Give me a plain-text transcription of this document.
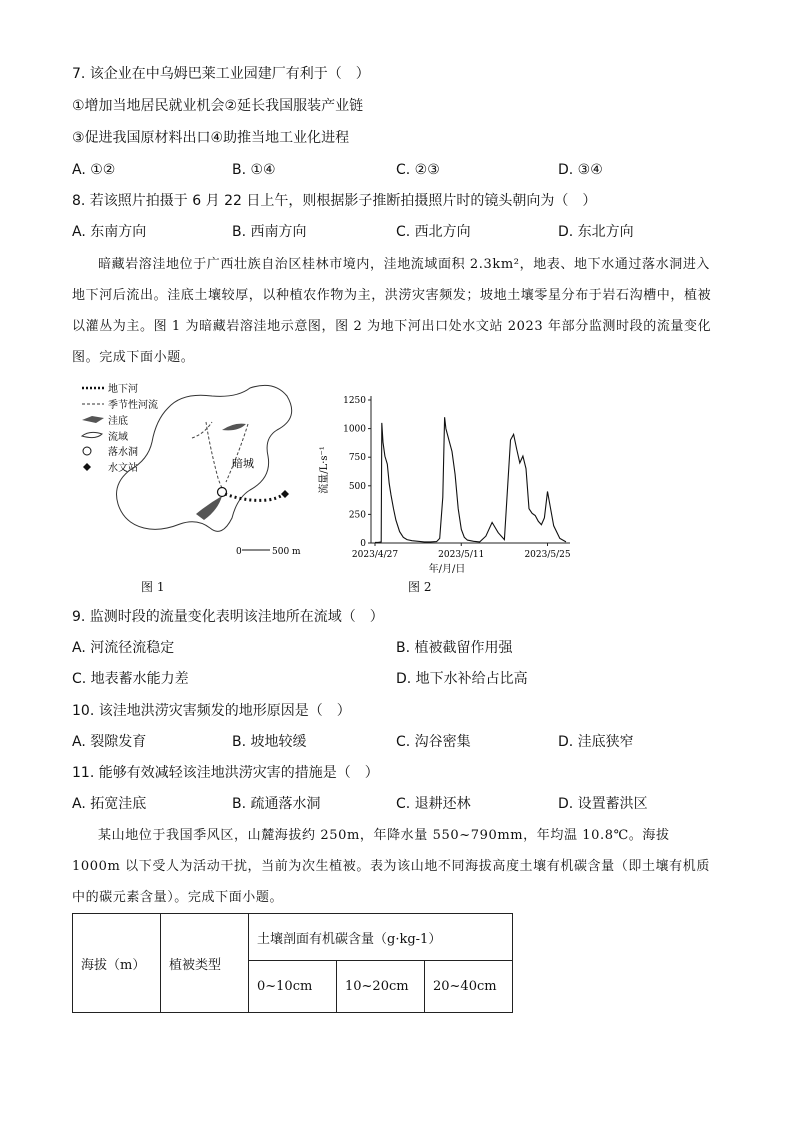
7. 该企业在中乌姆巴莱工业园建厂有利于（　）
①增加当地居民就业机会②延长我国服装产业链
③促进我国原材料出口④助推当地工业化进程
A. ①②	B. ①④	C. ②③	D. ③④
8. 若该照片拍摄于 6 月 22 日上午，则根据影子推断拍摄照片时的镜头朝向为（　）
A. 东南方向	B. 西南方向	C. 西北方向	D. 东北方向
暗藏岩溶洼地位于广西壮族自治区桂林市境内，洼地流域面积 2.3km²，地表、地下水通过落水洞进入地下河后流出。洼底土壤较厚，以种植农作物为主，洪涝灾害频发；坡地土壤零星分布于岩石沟槽中，植被以灌丛为主。图 1 为暗藏岩溶洼地示意图，图 2 为地下河出口处水文站 2023 年部分监测时段的流量变化图。完成下面小题。
地下河
季节性河流
洼底
流域
落水洞
水文站	暗城
0	500 m
图 1
0
250
500
750
1000
1250
2023/4/27	2023/5/11	2023/5/25
流量/L·s⁻¹
年/月/日
图 2
9. 监测时段的流量变化表明该洼地所在流域（　）
A. 河流径流稳定	B. 植被截留作用强
C. 地表蓄水能力差	D. 地下水补给占比高
10. 该洼地洪涝灾害频发的地形原因是（　）
A. 裂隙发育	B. 坡地较缓	C. 沟谷密集	D. 洼底狭窄
11. 能够有效减轻该洼地洪涝灾害的措施是（　）
A. 拓宽洼底	B. 疏通落水洞	C. 退耕还林	D. 设置蓄洪区
某山地位于我国季风区，山麓海拔约 250m，年降水量 550~790mm，年均温 10.8℃。海拔 1000m 以下受人为活动干扰，当前为次生植被。表为该山地不同海拔高度土壤有机碳含量（即土壤有机质中的碳元素含量）。完成下面小题。
海拔（m）	植被类型	土壤剖面有机碳含量（g·kg-1）		
		0~10cm	10~20cm	20~40cm
